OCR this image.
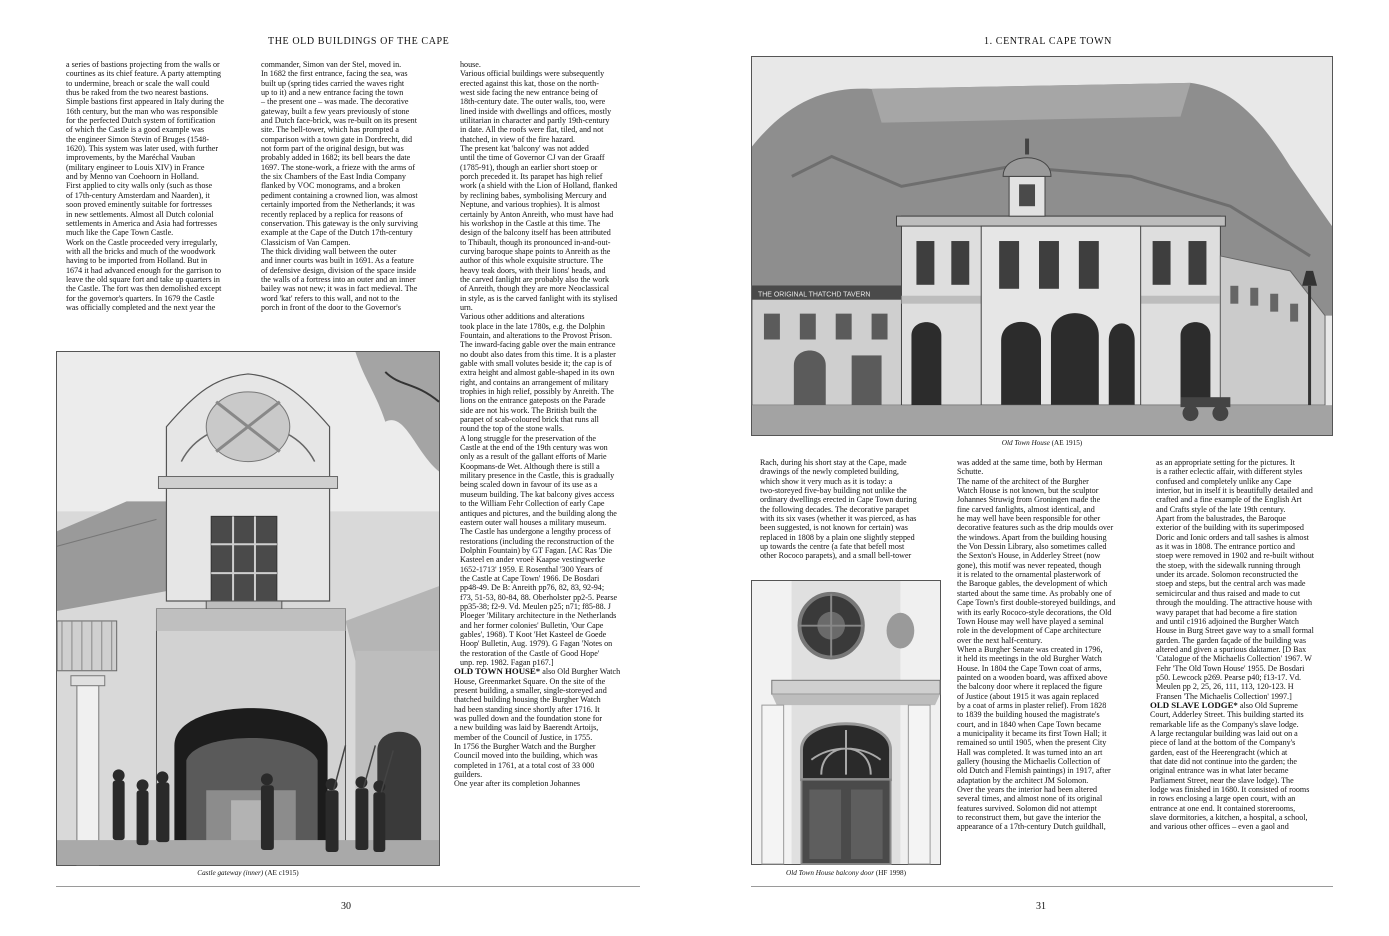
THE OLD BUILDINGS OF THE CAPE
a series of bastions projecting from the walls or
courtines as its chief feature. A party attempting
to undermine, breach or scale the wall could
thus be raked from the two nearest bastions.
Simple bastions first appeared in Italy during the
16th century, but the man who was responsible
for the perfected Dutch system of fortification
of which the Castle is a good example was
the engineer Simon Stevin of Bruges (1548-
1620). This system was later used, with further
improvements, by the Maréchal Vauban
(military engineer to Louis XIV) in France
and by Menno van Coehoorn in Holland.
First applied to city walls only (such as those
of 17th-century Amsterdam and Naarden), it
soon proved eminently suitable for fortresses
in new settlements. Almost all Dutch colonial
settlements in America and Asia had fortresses
much like the Cape Town Castle.
Work on the Castle proceeded very irregularly,
with all the bricks and much of the woodwork
having to be imported from Holland. But in
1674 it had advanced enough for the garrison to
leave the old square fort and take up quarters in
the Castle. The fort was then demolished except
for the governor's quarters. In 1679 the Castle
was officially completed and the next year the
commander, Simon van der Stel, moved in.
In 1682 the first entrance, facing the sea, was
built up (spring tides carried the waves right
up to it) and a new entrance facing the town
– the present one – was made. The decorative
gateway, built a few years previously of stone
and Dutch face-brick, was re-built on its present
site. The bell-tower, which has prompted a
comparison with a town gate in Dordrecht, did
not form part of the original design, but was
probably added in 1682; its bell bears the date
1697. The stone-work, a frieze with the arms of
the six Chambers of the East India Company
flanked by VOC monograms, and a broken
pediment containing a crowned lion, was almost
certainly imported from the Netherlands; it was
recently replaced by a replica for reasons of
conservation. This gateway is the only surviving
example at the Cape of the Dutch 17th-century
Classicism of Van Campen.
The thick dividing wall between the outer
and inner courts was built in 1691. As a feature
of defensive design, division of the space inside
the walls of a fortress into an outer and an inner
bailey was not new; it was in fact medieval. The
word 'kat' refers to this wall, and not to the
porch in front of the door to the Governor's
house.
Various official buildings were subsequently
erected against this kat, those on the north-
west side facing the new entrance being of
18th-century date. The outer walls, too, were
lined inside with dwellings and offices, mostly
utilitarian in character and partly 19th-century
in date. All the roofs were flat, tiled, and not
thatched, in view of the fire hazard.
The present kat 'balcony' was not added
until the time of Governor CJ van der Graaff
(1785-91), though an earlier short stoep or
porch preceded it. Its parapet has high relief
work (a shield with the Lion of Holland, flanked
by reclining babes, symbolising Mercury and
Neptune, and various trophies). It is almost
certainly by Anton Anreith, who must have had
his workshop in the Castle at this time. The
design of the balcony itself has been attributed
to Thibault, though its pronounced in-and-out-
curving baroque shape points to Anreith as the
author of this whole exquisite structure. The
heavy teak doors, with their lions' heads, and
the carved fanlight are probably also the work
of Anreith, though they are more Neoclassical
in style, as is the carved fanlight with its stylised
urn.
Various other additions and alterations
took place in the late 1780s, e.g. the Dolphin
Fountain, and alterations to the Provost Prison.
The inward-facing gable over the main entrance
no doubt also dates from this time. It is a plaster
gable with small volutes beside it; the cap is of
extra height and almost gable-shaped in its own
right, and contains an arrangement of military
trophies in high relief, possibly by Anreith. The
lions on the entrance gateposts on the Parade
side are not his work. The British built the
parapet of scab-coloured brick that runs all
round the top of the stone walls.
A long struggle for the preservation of the
Castle at the end of the 19th century was won
only as a result of the gallant efforts of Marie
Koopmans-de Wet. Although there is still a
military presence in the Castle, this is gradually
being scaled down in favour of its use as a
museum building. The kat balcony gives access
to the William Fehr Collection of early Cape
antiques and pictures, and the building along the
eastern outer wall houses a military museum.
The Castle has undergone a lengthy process of
restorations (including the reconstruction of the
Dolphin Fountain) by GT Fagan. [AC Ras 'Die
Kasteel en ander vroeë Kaapse vestingwerke
1652-1713' 1959. E Rosenthal '300 Years of
the Castle at Cape Town' 1966. De Bosdari
pp48-49. De B: Anreith pp76, 82, 83, 92-94;
f73, 51-53, 80-84, 88. Oberholster pp2-5. Pearse
pp35-38; f2-9. Vd. Meulen p25; n71; f85-88. J
Ploeger 'Military architecture in the Netherlands
and her former colonies' Bulletin, 'Our Cape
gables', 1968). T Koot 'Het Kasteel de Goede
Hoop' Bulletin, Aug. 1979). G Fagan 'Notes on
the restoration of the Castle of Good Hope'
unp. rep. 1982. Fagan p167.]
OLD TOWN HOUSE* also Old Burgher Watch
House, Greenmarket Square. On the site of the
present building, a smaller, single-storeyed and
thatched building housing the Burgher Watch
had been standing since shortly after 1716. It
was pulled down and the foundation stone for
a new building was laid by Baerendt Artoijs,
member of the Council of Justice, in 1755.
In 1756 the Burgher Watch and the Burgher
Council moved into the building, which was
completed in 1761, at a total cost of 33 000
guilders.
One year after its completion Johannes
Castle gateway (inner) (AE c1915)
30
1. CENTRAL CAPE TOWN
THE ORIGINAL THATCHD TAVERN
Old Town House (AE 1915)
Rach, during his short stay at the Cape, made
drawings of the newly completed building,
which show it very much as it is today: a
two-storeyed five-bay building not unlike the
ordinary dwellings erected in Cape Town during
the following decades. The decorative parapet
with its six vases (whether it was pierced, as has
been suggested, is not known for certain) was
replaced in 1808 by a plain one slightly stepped
up towards the centre (a fate that befell most
other Rococo parapets), and a small bell-tower
Old Town House balcony door (HF 1998)
was added at the same time, both by Herman
Schutte.
The name of the architect of the Burgher
Watch House is not known, but the sculptor
Johannes Struwig from Groningen made the
fine carved fanlights, almost identical, and
he may well have been responsible for other
decorative features such as the drip moulds over
the windows. Apart from the building housing
the Von Dessin Library, also sometimes called
the Sexton's House, in Adderley Street (now
gone), this motif was never repeated, though
it is related to the ornamental plasterwork of
the Baroque gables, the development of which
started about the same time. As probably one of
Cape Town's first double-storeyed buildings, and
with its early Rococo-style decorations, the Old
Town House may well have played a seminal
role in the development of Cape architecture
over the next half-century.
When a Burgher Senate was created in 1796,
it held its meetings in the old Burgher Watch
House. In 1804 the Cape Town coat of arms,
painted on a wooden board, was affixed above
the balcony door where it replaced the figure
of Justice (about 1915 it was again replaced
by a coat of arms in plaster relief). From 1828
to 1839 the building housed the magistrate's
court, and in 1840 when Cape Town became
a municipality it became its first Town Hall; it
remained so until 1905, when the present City
Hall was completed. It was turned into an art
gallery (housing the Michaelis Collection of
old Dutch and Flemish paintings) in 1917, after
adaptation by the architect JM Solomon.
Over the years the interior had been altered
several times, and almost none of its original
features survived. Solomon did not attempt
to reconstruct them, but gave the interior the
appearance of a 17th-century Dutch guildhall,
as an appropriate setting for the pictures. It
is a rather eclectic affair, with different styles
confused and completely unlike any Cape
interior, but in itself it is beautifully detailed and
crafted and a fine example of the English Art
and Crafts style of the late 19th century.
Apart from the balustrades, the Baroque
exterior of the building with its superimposed
Doric and Ionic orders and tall sashes is almost
as it was in 1808. The entrance portico and
stoep were removed in 1902 and re-built without
the stoep, with the sidewalk running through
under its arcade. Solomon reconstructed the
stoep and steps, but the central arch was made
semicircular and thus raised and made to cut
through the moulding. The attractive house with
wavy parapet that had become a fire station
and until c1916 adjoined the Burgher Watch
House in Burg Street gave way to a small formal
garden. The garden façade of the building was
altered and given a spurious daktamer. [D Bax
'Catalogue of the Michaelis Collection' 1967. W
Fehr 'The Old Town House' 1955. De Bosdari
p50. Lewcock p269. Pearse p40; f13-17. Vd.
Meulen pp 2, 25, 26, 111, 113, 120-123. H
Fransen 'The Michaelis Collection' 1997.]
OLD SLAVE LODGE* also Old Supreme
Court, Adderley Street. This building started its
remarkable life as the Company's slave lodge.
A large rectangular building was laid out on a
piece of land at the bottom of the Company's
garden, east of the Heerengracht (which at
that date did not continue into the garden; the
original entrance was in what later became
Parliament Street, near the slave lodge). The
lodge was finished in 1680. It consisted of rooms
in rows enclosing a large open court, with an
entrance at one end. It contained storerooms,
slave dormitories, a kitchen, a hospital, a school,
and various other offices – even a gaol and
31
